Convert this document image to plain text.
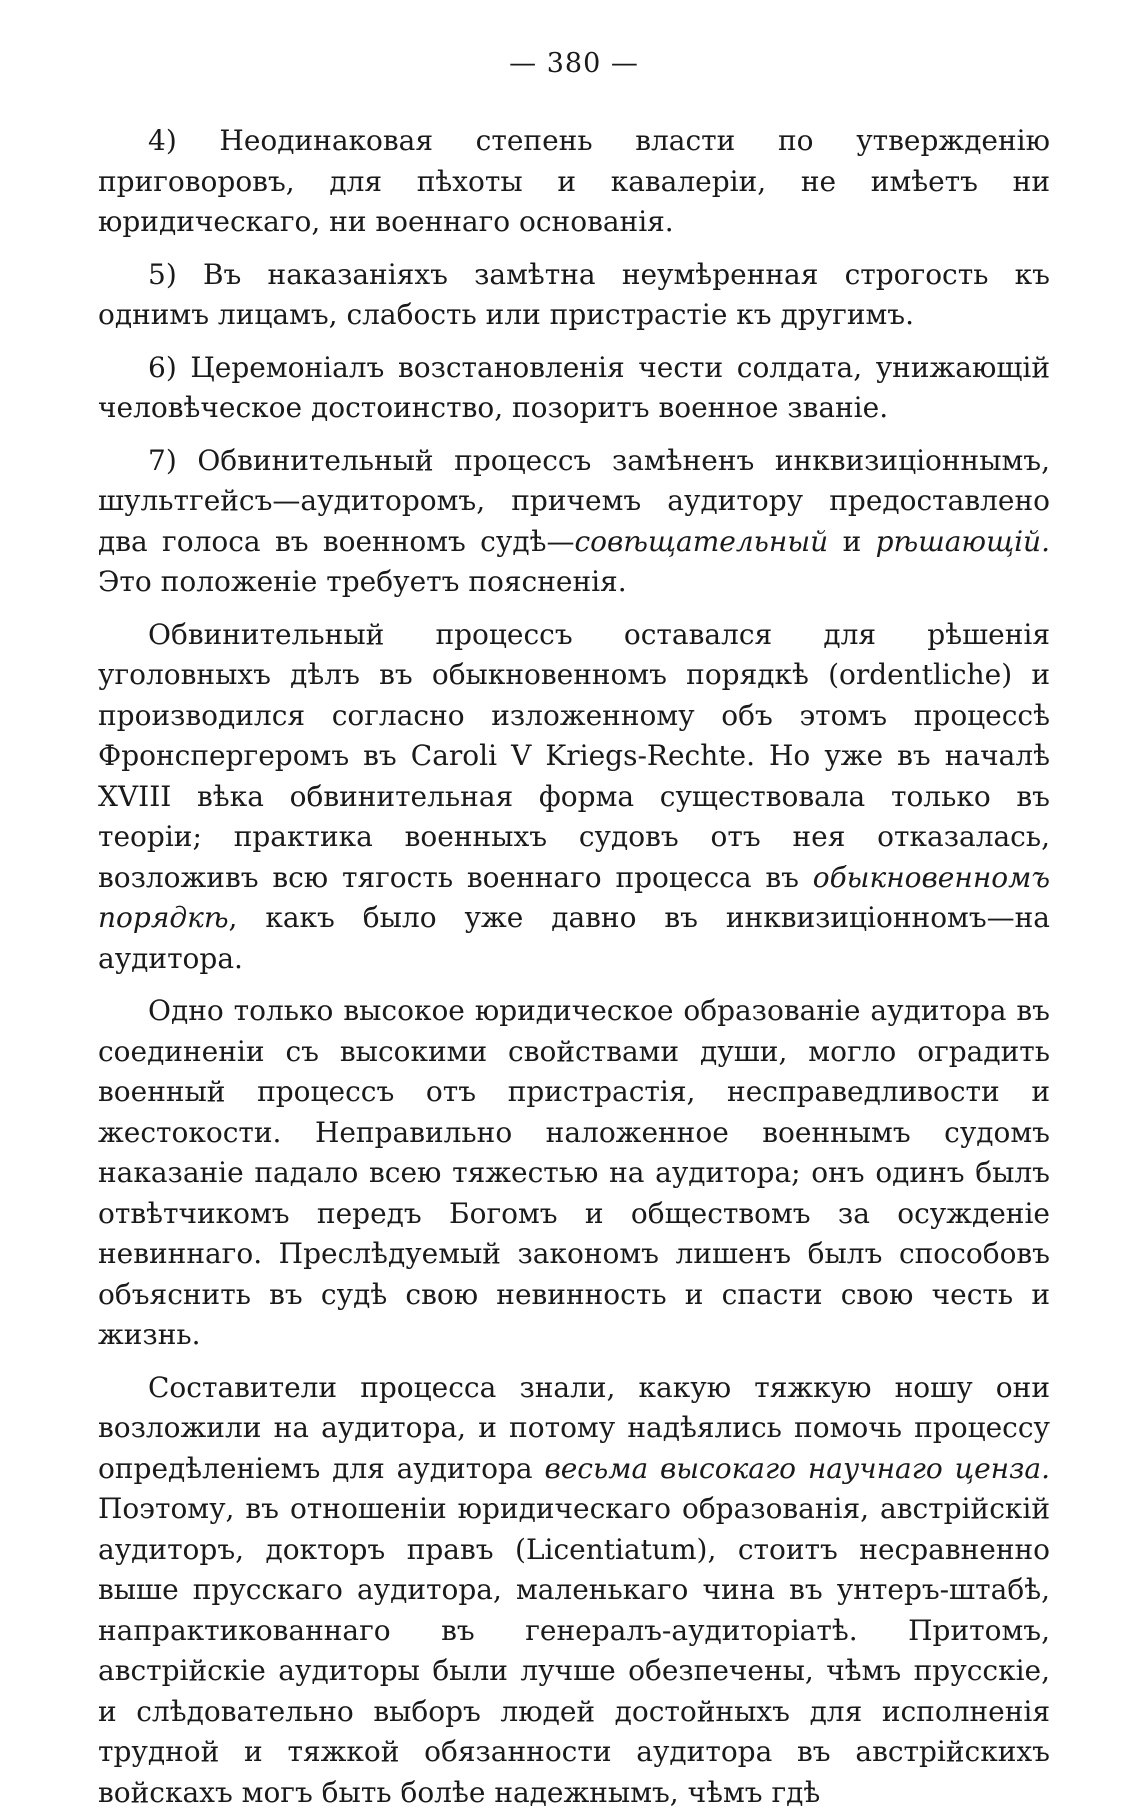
— 380 —

4) Неодинаковая степень власти по утвержденію приговоровъ, для пѣхоты и кавалеріи, не имѣетъ ни юридическаго, ни военнаго основанія.

5) Въ наказаніяхъ замѣтна неумѣренная строгость къ однимъ лицамъ, слабость или пристрастіе къ другимъ.

6) Церемоніалъ возстановленія чести солдата, унижающій человѣческое достоинство, позоритъ военное званіе.

7) Обвинительный процессъ замѣненъ инквизиціоннымъ, шультгейсъ—аудиторомъ, причемъ аудитору предоставлено два голоса въ военномъ судѣ—совѣщательный и рѣшающій. Это положеніе требуетъ поясненія.

Обвинительный процессъ оставался для рѣшенія уголовныхъ дѣлъ въ обыкновенномъ порядкѣ (ordentliche) и производился согласно изложенному объ этомъ процессѣ Фронспергеромъ въ Caroli V Kriegs-Rechte. Но уже въ началѣ XVIII вѣка обвинительная форма существовала только въ теоріи; практика военныхъ судовъ отъ нея отказалась, возложивъ всю тягость военнаго процесса въ обыкновенномъ порядкѣ, какъ было уже давно въ инквизиціонномъ—на аудитора.

Одно только высокое юридическое образованіе аудитора въ соединеніи съ высокими свойствами души, могло оградить военный процессъ отъ пристрастія, несправедливости и жестокости. Неправильно наложенное военнымъ судомъ наказаніе падало всею тяжестью на аудитора; онъ одинъ былъ отвѣтчикомъ передъ Богомъ и обществомъ за осужденіе невиннаго. Преслѣдуемый закономъ лишенъ былъ способовъ объяснить въ судѣ свою невинность и спасти свою честь и жизнь.

Составители процесса знали, какую тяжкую ношу они возложили на аудитора, и потому надѣялись помочь процессу опредѣленіемъ для аудитора весьма высокаго научнаго ценза. Поэтому, въ отношеніи юридическаго образованія, австрійскій аудиторъ, докторъ правъ (Licentiatum), стоитъ несравненно выше прусскаго аудитора, маленькаго чина въ унтеръ-штабѣ, напрактикованнаго въ генералъ-аудиторіатѣ. Притомъ, австрійскіе аудиторы были лучше обезпечены, чѣмъ прусскіе, и слѣдовательно выборъ людей достойныхъ для исполненія трудной и тяжкой обязанности аудитора въ австрійскихъ войскахъ могъ быть болѣе надежнымъ, чѣмъ гдѣ
